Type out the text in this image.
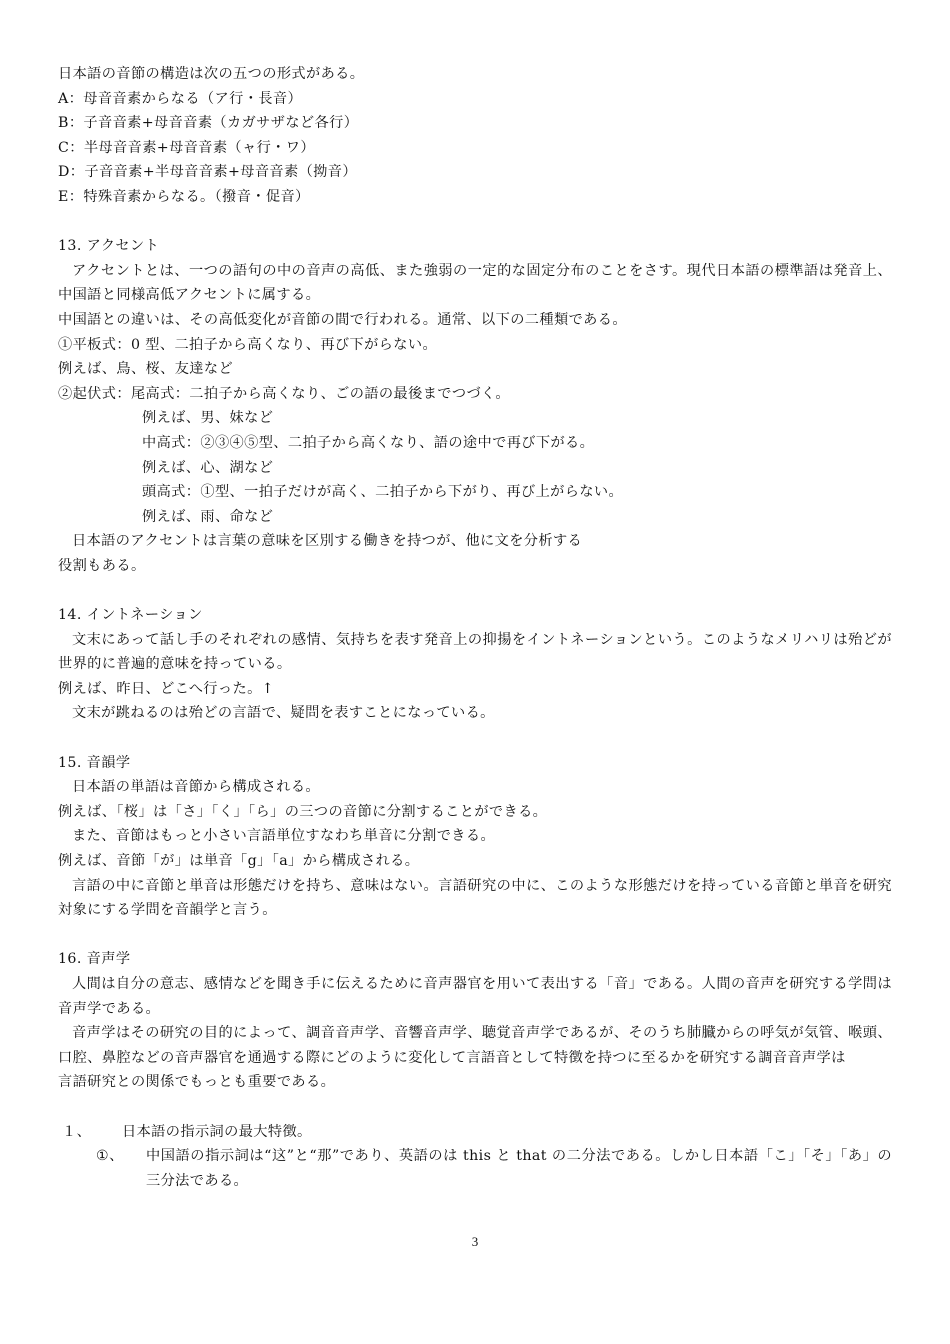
日本語の音節の構造は次の五つの形式がある。
A：母音音素からなる（ア行・長音）
B：子音音素+母音音素（カガサザなど各行）
C：半母音音素+母音音素（ャ行・ワ）
D：子音音素+半母音音素+母音音素（拗音）
E：特殊音素からなる。（撥音・促音）
13. アクセント
アクセントとは、一つの語句の中の音声の高低、また強弱の一定的な固定分布のことをさす。現代日本語の標準語は発音上、中国語と同様高低アクセントに属する。
中国語との違いは、その高低変化が音節の間で行われる。通常、以下の二種類である。
①平板式：0 型、二拍子から高くなり、再び下がらない。
例えば、鳥、桜、友達など
②起伏式：尾高式：二拍子から高くなり、ごの語の最後までつづく。
例えば、男、妹など
中高式：②③④⑤型、二拍子から高くなり、語の途中で再び下がる。
例えば、心、湖など
頭高式：①型、一拍子だけが高く、二拍子から下がり、再び上がらない。
例えば、雨、命など
日本語のアクセントは言葉の意味を区別する働きを持つが、他に文を分析する
役割もある。
14. イントネーション
文末にあって話し手のそれぞれの感情、気持ちを表す発音上の抑揚をイントネーションという。このようなメリハリは殆どが世界的に普遍的意味を持っている。
例えば、昨日、どこへ行った。↑
文末が跳ねるのは殆どの言語で、疑問を表すことになっている。
15. 音韻学
日本語の単語は音節から構成される。
例えば、「桜」は「さ」「く」「ら」の三つの音節に分割することができる。
また、音節はもっと小さい言語単位すなわち単音に分割できる。
例えば、音節「が」は単音「g」「a」から構成される。
言語の中に音節と単音は形態だけを持ち、意味はない。言語研究の中に、このような形態だけを持っている音節と単音を研究対象にする学問を音韻学と言う。
16. 音声学
人間は自分の意志、感情などを聞き手に伝えるために音声器官を用いて表出する「音」である。人間の音声を研究する学問は音声学である。
音声学はその研究の目的によって、調音音声学、音響音声学、聴覚音声学であるが、そのうち肺臓からの呼気が気管、喉頭、口腔、鼻腔などの音声器官を通過する際にどのように変化して言語音として特徴を持つに至るかを研究する調音音声学は
言語研究との関係でもっとも重要である。
１、	日本語の指示詞の最大特徴。
①、	中国語の指示詞は“这”と“那”であり、英語のは this と that の二分法である。しかし日本語「こ」「そ」「あ」の三分法である。
3
